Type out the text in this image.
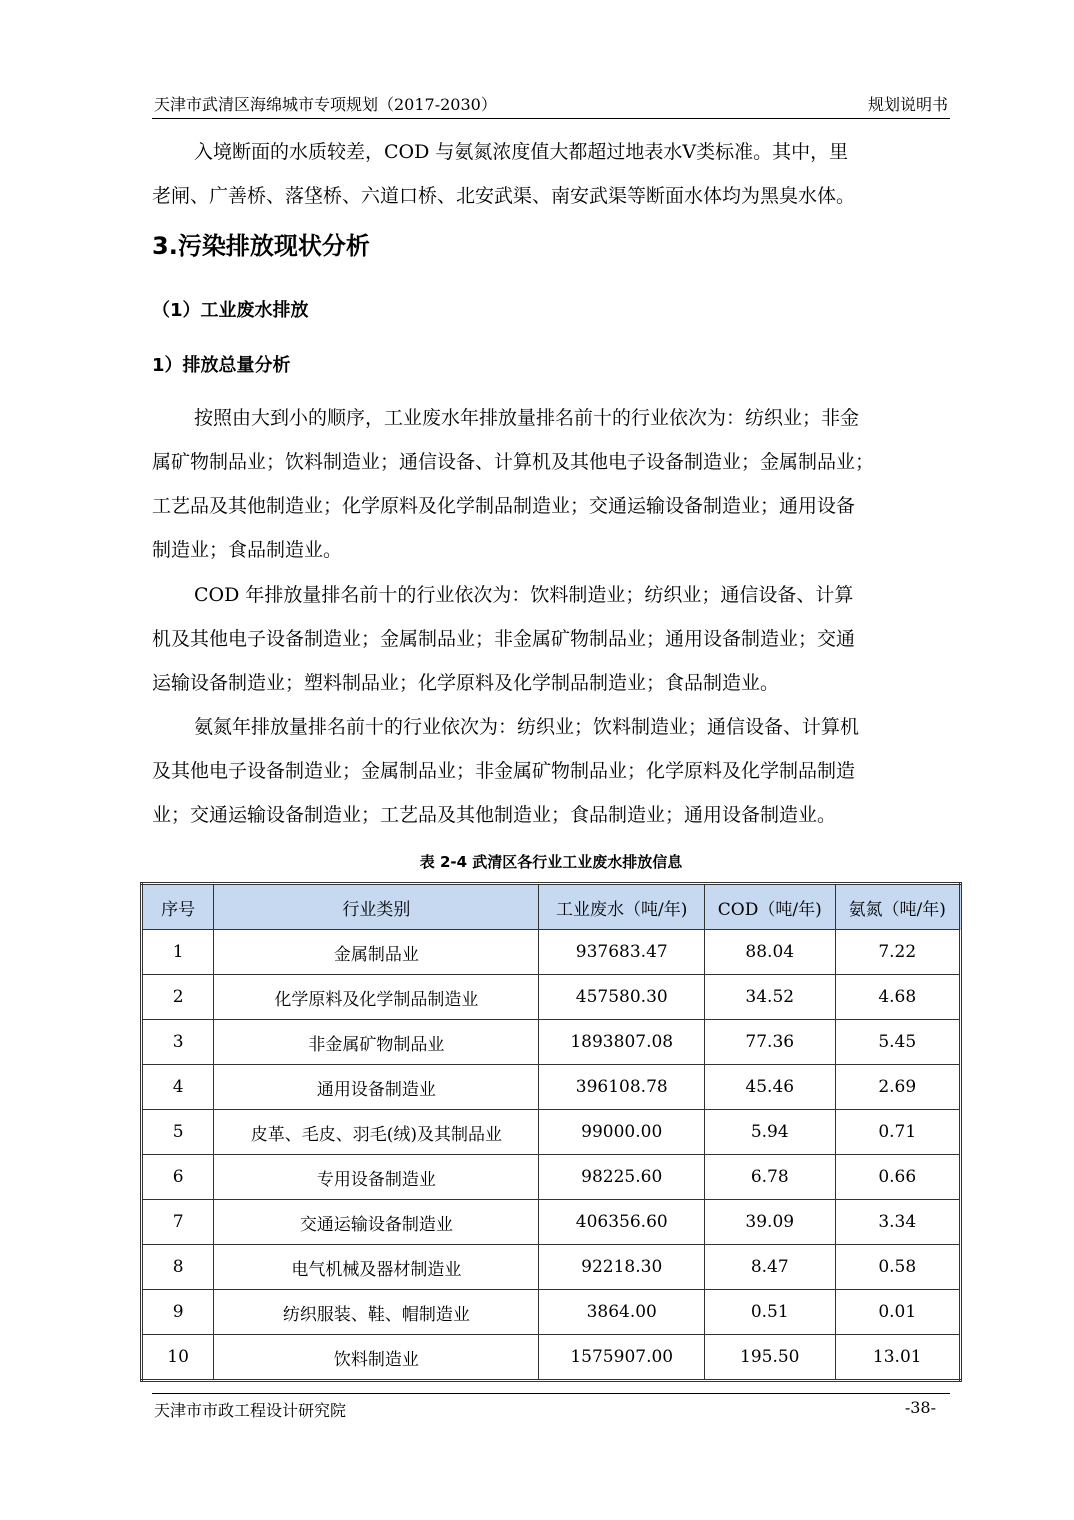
天津市武清区海绵城市专项规划（2017-2030）	规划说明书
入境断面的水质较差，COD 与氨氮浓度值大都超过地表水Ⅴ类标准。其中，里
老闸、广善桥、落垡桥、六道口桥、北安武渠、南安武渠等断面水体均为黑臭水体。
3.污染排放现状分析
（1）工业废水排放
1）排放总量分析
按照由大到小的顺序，工业废水年排放量排名前十的行业依次为：纺织业；非金
属矿物制品业；饮料制造业；通信设备、计算机及其他电子设备制造业；金属制品业；
工艺品及其他制造业；化学原料及化学制品制造业；交通运输设备制造业；通用设备
制造业；食品制造业。
COD 年排放量排名前十的行业依次为：饮料制造业；纺织业；通信设备、计算
机及其他电子设备制造业；金属制品业；非金属矿物制品业；通用设备制造业；交通
运输设备制造业；塑料制品业；化学原料及化学制品制造业；食品制造业。
氨氮年排放量排名前十的行业依次为：纺织业；饮料制造业；通信设备、计算机
及其他电子设备制造业；金属制品业；非金属矿物制品业；化学原料及化学制品制造
业；交通运输设备制造业；工艺品及其他制造业；食品制造业；通用设备制造业。
表 2-4 武清区各行业工业废水排放信息
序号	行业类别	工业废水（吨/年)	COD（吨/年)	氨氮（吨/年)
1	金属制品业	937683.47	88.04	7.22
2	化学原料及化学制品制造业	457580.30	34.52	4.68
3	非金属矿物制品业	1893807.08	77.36	5.45
4	通用设备制造业	396108.78	45.46	2.69
5	皮革、毛皮、羽毛(绒)及其制品业	99000.00	5.94	0.71
6	专用设备制造业	98225.60	6.78	0.66
7	交通运输设备制造业	406356.60	39.09	3.34
8	电气机械及器材制造业	92218.30	8.47	0.58
9	纺织服装、鞋、帽制造业	3864.00	0.51	0.01
10	饮料制造业	1575907.00	195.50	13.01
天津市市政工程设计研究院	-38-
